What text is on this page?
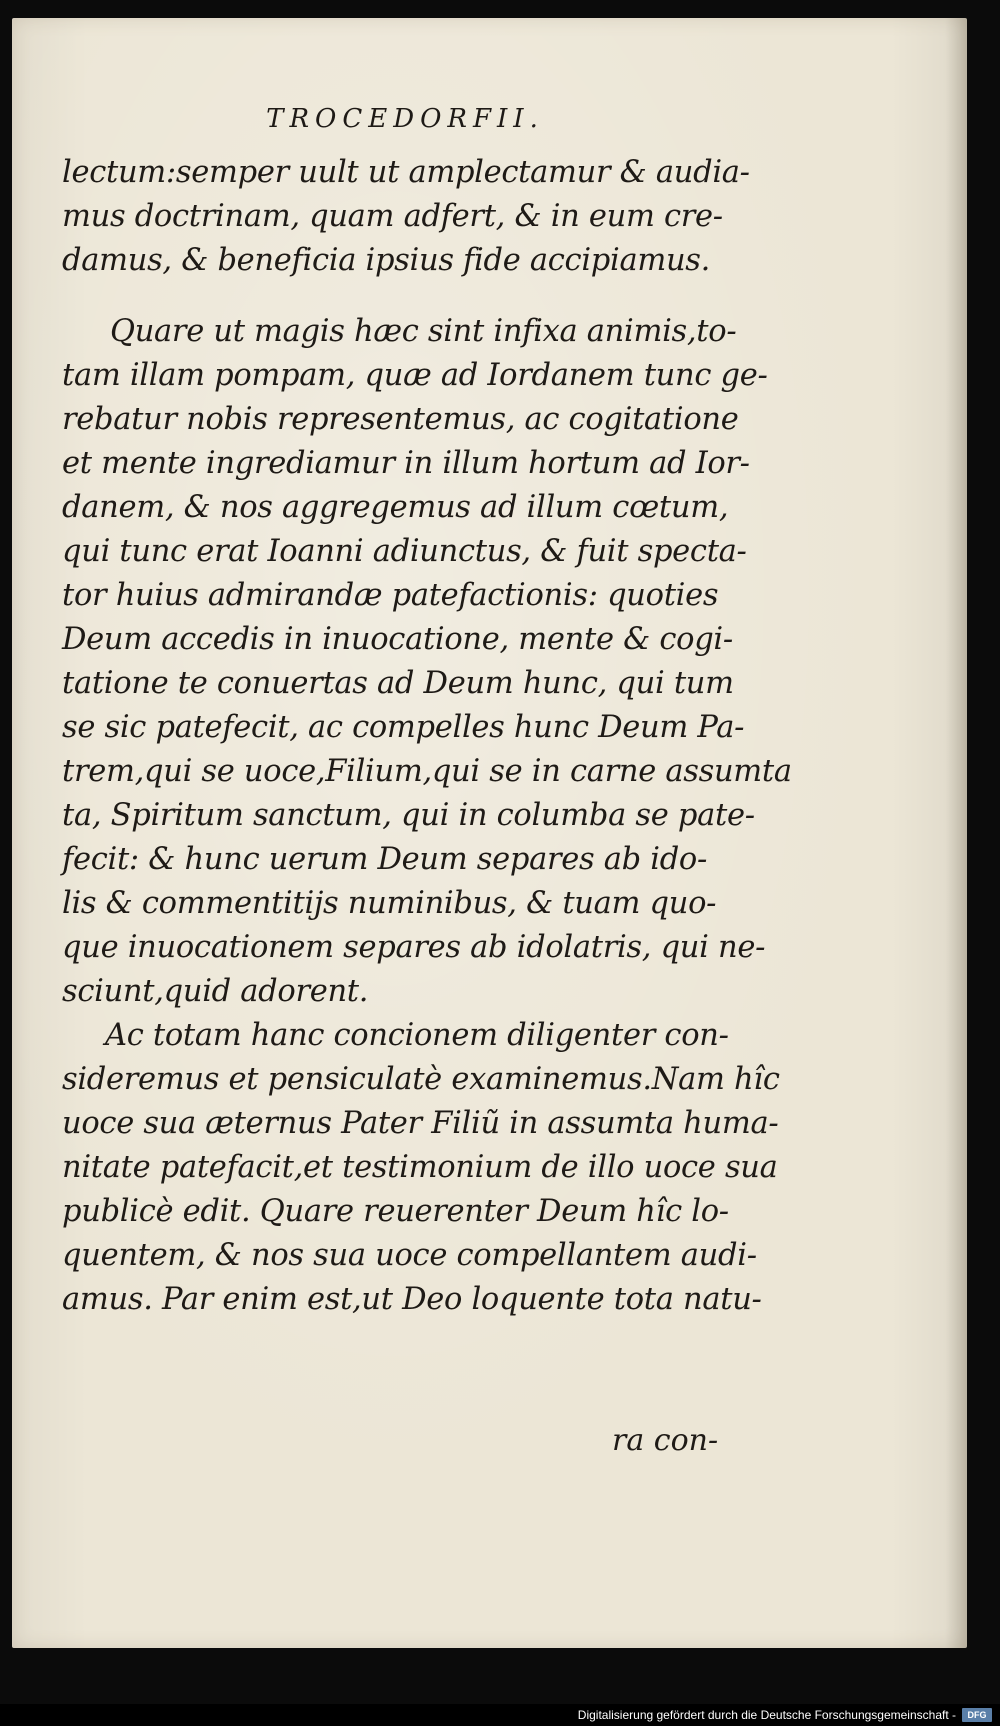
TROCEDORFII.
lectum:semper uult ut amplectamur & audia-
mus doctrinam, quam adfert, & in eum cre-
damus, & beneficia ipsius fide accipiamus.
Quare ut magis hæc sint infixa animis,to-
tam illam pompam, quæ ad Iordanem tunc ge-
rebatur nobis representemus, ac cogitatione
et mente ingrediamur in illum hortum ad Ior-
danem, & nos aggregemus ad illum cœtum,
qui tunc erat Ioanni adiunctus, & fuit specta-
tor huius admirandæ patefactionis: quoties
Deum accedis in inuocatione, mente & cogi-
tatione te conuertas ad Deum hunc, qui tum
se sic patefecit, ac compelles hunc Deum Pa-
trem,qui se uoce,Filium,qui se in carne assumta
ta, Spiritum sanctum, qui in columba se pate-
fecit: & hunc uerum Deum separes ab ido-
lis & commentitijs numinibus, & tuam quo-
que inuocationem separes ab idolatris, qui ne-
sciunt,quid adorent.
Ac totam hanc concionem diligenter con-
sideremus et pensiculatè examinemus.Nam hîc
uoce sua æternus Pater Filiũ in assumta huma-
nitate patefacit,et testimonium de illo uoce sua
publicè edit. Quare reuerenter Deum hîc lo-
quentem, & nos sua uoce compellantem audi-
amus. Par enim est,ut Deo loquente tota natu-
ra con-
Digitalisierung gefördert durch die Deutsche Forschungsgemeinschaft -	DFG
